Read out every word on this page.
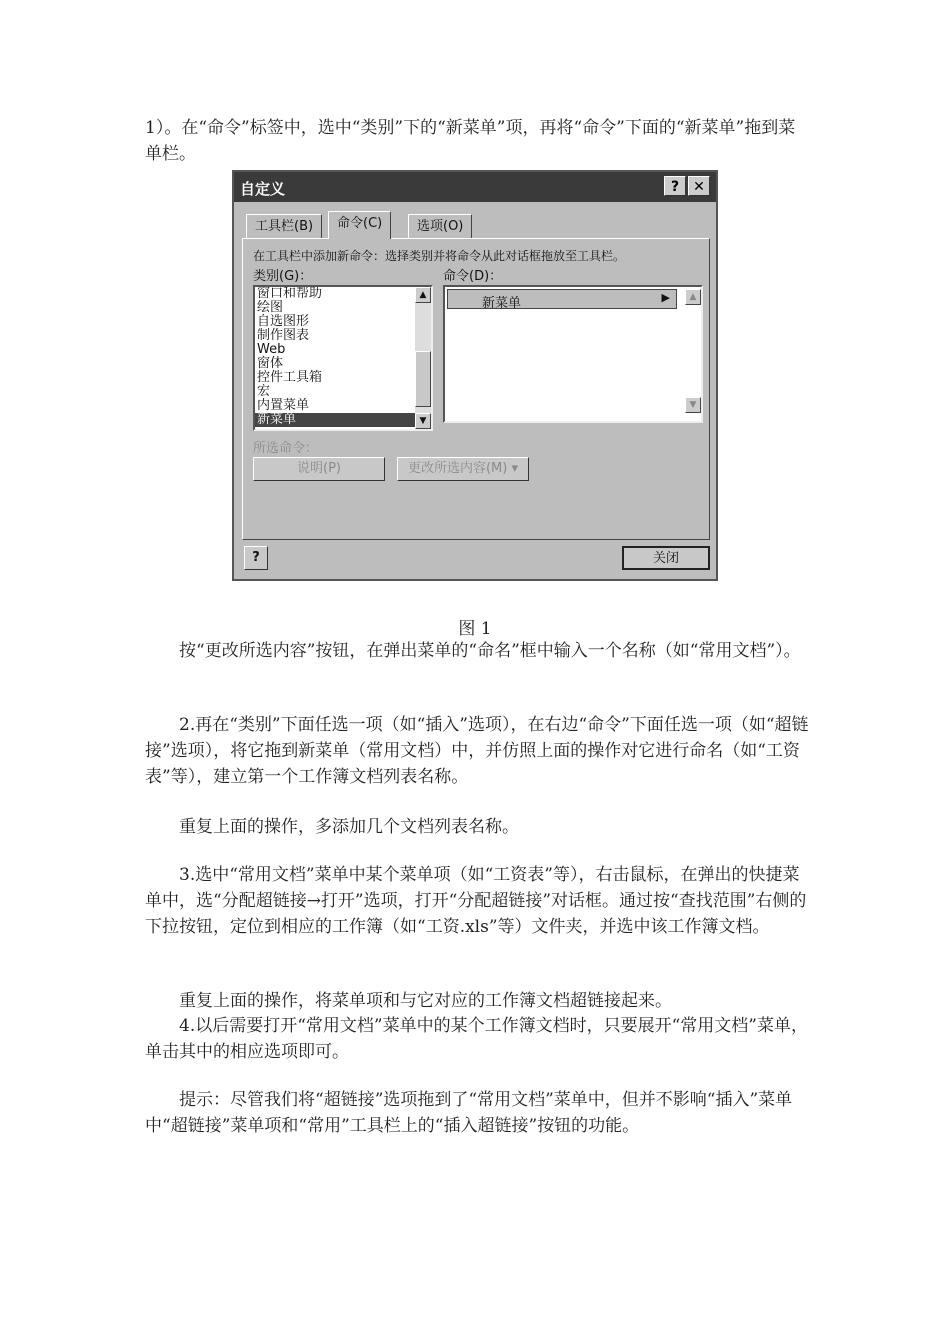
1）。在“命令”标签中，选中“类别”下的“新菜单”项，再将“命令”下面的“新菜单”拖到菜单栏。
自定义	?	✕
工具栏(B)	命令(C)	选项(O)
在工具栏中添加新命令：选择类别并将命令从此对话框拖放至工具栏。
类别(G)：	命令(D)：
窗口和帮助
绘图
自选图形
制作图表
Web
窗体
控件工具箱
宏
内置菜单
新菜单
▲
▼
新菜单	▶	▲
▼
所选命令：
说明(P)	更改所选内容(M) ▾
?	关闭
图 1
　　按“更改所选内容”按钮，在弹出菜单的“命名”框中输入一个名称（如“常用文档”）。
　　2.再在“类别”下面任选一项（如“插入”选项），在右边“命令”下面任选一项（如“超链接”选项），将它拖到新菜单（常用文档）中，并仿照上面的操作对它进行命名（如“工资表”等），建立第一个工作簿文档列表名称。
　　重复上面的操作，多添加几个文档列表名称。
　　3.选中“常用文档”菜单中某个菜单项（如“工资表”等），右击鼠标，在弹出的快捷菜单中，选“分配超链接→打开”选项，打开“分配超链接”对话框。通过按“查找范围”右侧的下拉按钮，定位到相应的工作簿（如“工资.xls”等）文件夹，并选中该工作簿文档。
　　重复上面的操作，将菜单项和与它对应的工作簿文档超链接起来。
　　4.以后需要打开“常用文档”菜单中的某个工作簿文档时，只要展开“常用文档”菜单，单击其中的相应选项即可。
　　提示：尽管我们将“超链接”选项拖到了“常用文档”菜单中，但并不影响“插入”菜单中“超链接”菜单项和“常用”工具栏上的“插入超链接”按钮的功能。
